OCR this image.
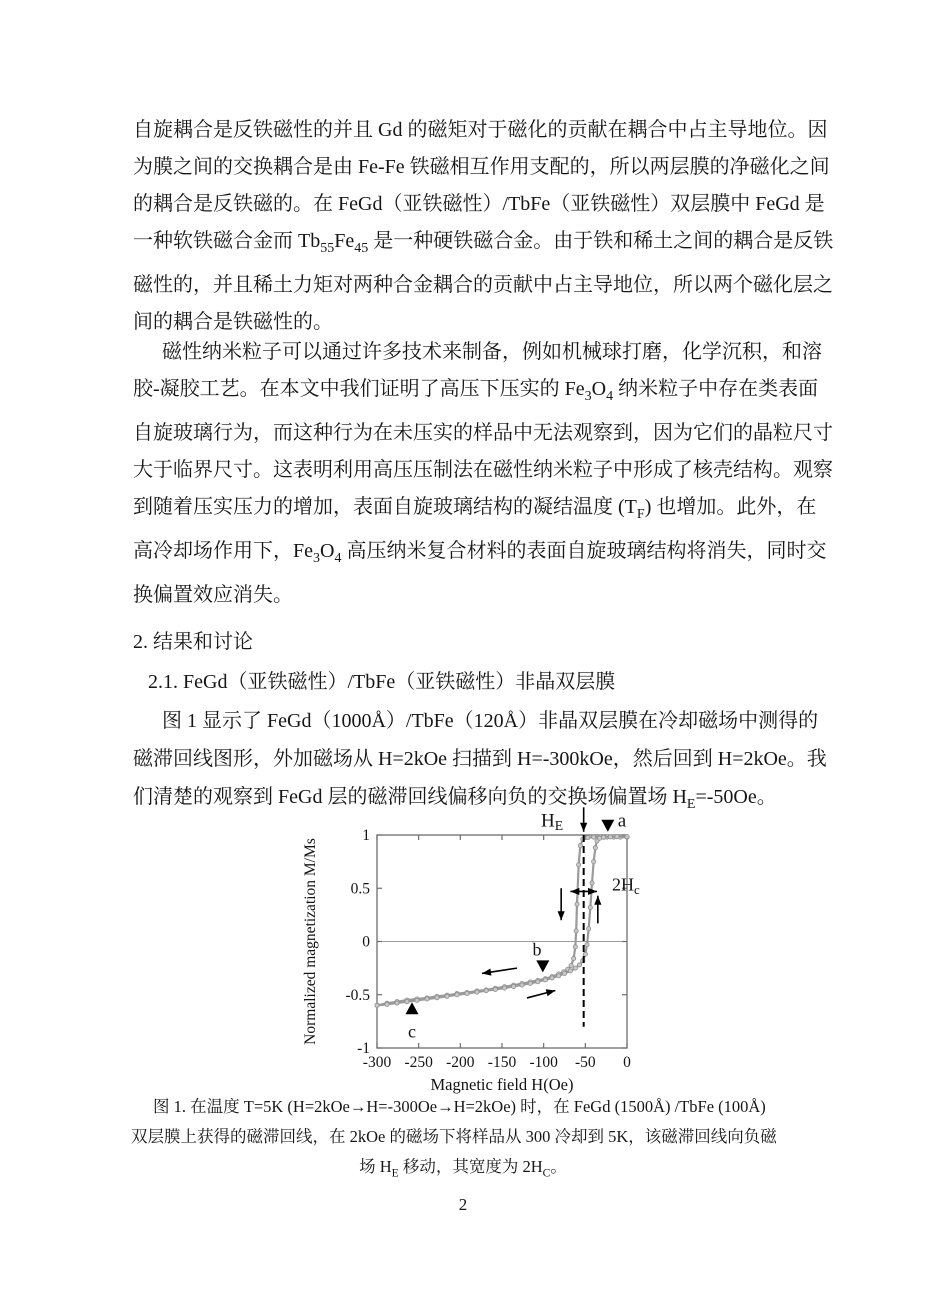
自旋耦合是反铁磁性的并且 Gd 的磁矩对于磁化的贡献在耦合中占主导地位。因
为膜之间的交换耦合是由 Fe-Fe 铁磁相互作用支配的，所以两层膜的净磁化之间
的耦合是反铁磁的。在 FeGd（亚铁磁性）/TbFe（亚铁磁性）双层膜中 FeGd 是
一种软铁磁合金而 $Tb_{55}Fe_{45}$ 是一种硬铁磁合金。由于铁和稀土之间的耦合是反铁
磁性的，并且稀土力矩对两种合金耦合的贡献中占主导地位，所以两个磁化层之
间的耦合是铁磁性的。
磁性纳米粒子可以通过许多技术来制备，例如机械球打磨，化学沉积，和溶
胶-凝胶工艺。在本文中我们证明了高压下压实的 $Fe_3O_4$ 纳米粒子中存在类表面
自旋玻璃行为，而这种行为在未压实的样品中无法观察到，因为它们的晶粒尺寸
大于临界尺寸。这表明利用高压压制法在磁性纳米粒子中形成了核壳结构。观察
到随着压实压力的增加，表面自旋玻璃结构的凝结温度 $(T_F)$ 也增加。此外，在
高冷却场作用下，$Fe_3O_4$ 高压纳米复合材料的表面自旋玻璃结构将消失，同时交
换偏置效应消失。
2. 结果和讨论
2.1. FeGd（亚铁磁性）/TbFe（亚铁磁性）非晶双层膜
图 1 显示了 FeGd（1000Å）/TbFe（120Å）非晶双层膜在冷却磁场中测得的
磁滞回线图形，外加磁场从 H=2kOe 扫描到 H=-300kOe，然后回到 H=2kOe。我
们清楚的观察到 FeGd 层的磁滞回线偏移向负的交换场偏置场 $H_E=-50Oe$。
-300 -250 -200 -150 -100 -50 0
1
0.5
0
-0.5
-1
Magnetic field H(Oe)
Normalized magnetization M/Ms
HE	a
2Hc
b
c
图 1. 在温度 T=5K (H=2kOe→H=-300Oe→H=2kOe) 时，在 FeGd (1500Å) /TbFe (100Å)
双层膜上获得的磁滞回线，在 2kOe 的磁场下将样品从 300 冷却到 5K，该磁滞回线向负磁
场 $H_E$ 移动，其宽度为 $2H_C$。
2
